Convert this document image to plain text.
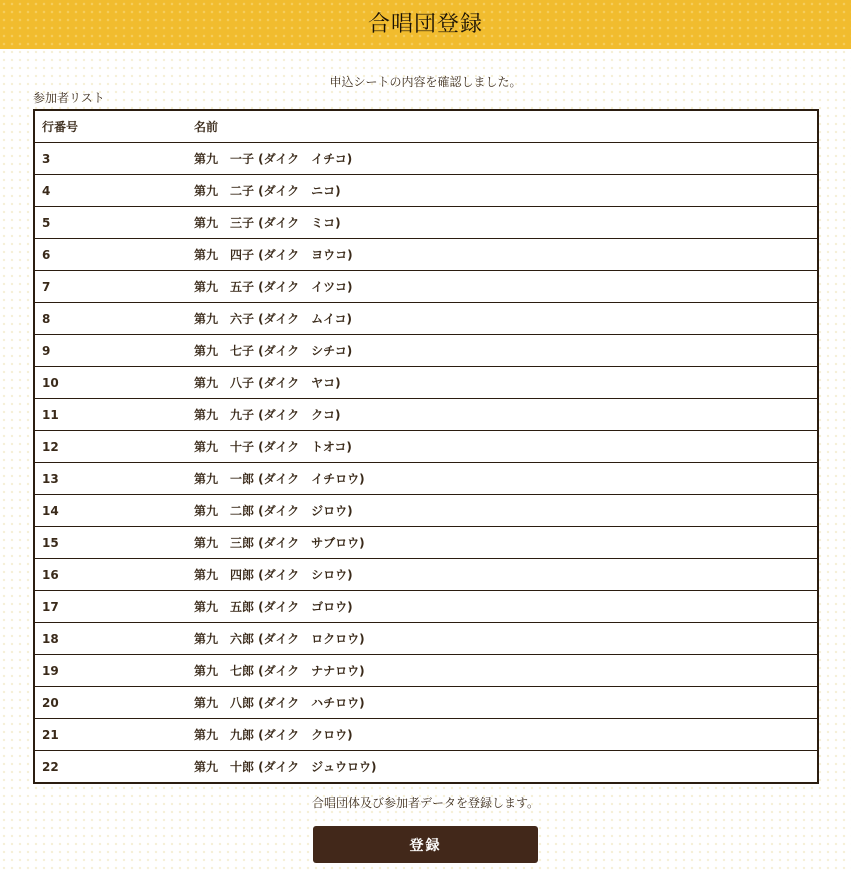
合唱団登録
申込シートの内容を確認しました。
参加者リスト
行番号	名前
3	第九　一子 (ダイク　イチコ)
4	第九　二子 (ダイク　ニコ)
5	第九　三子 (ダイク　ミコ)
6	第九　四子 (ダイク　ヨウコ)
7	第九　五子 (ダイク　イツコ)
8	第九　六子 (ダイク　ムイコ)
9	第九　七子 (ダイク　シチコ)
10	第九　八子 (ダイク　ヤコ)
11	第九　九子 (ダイク　クコ)
12	第九　十子 (ダイク　トオコ)
13	第九　一郎 (ダイク　イチロウ)
14	第九　二郎 (ダイク　ジロウ)
15	第九　三郎 (ダイク　サブロウ)
16	第九　四郎 (ダイク　シロウ)
17	第九　五郎 (ダイク　ゴロウ)
18	第九　六郎 (ダイク　ロクロウ)
19	第九　七郎 (ダイク　ナナロウ)
20	第九　八郎 (ダイク　ハチロウ)
21	第九　九郎 (ダイク　クロウ)
22	第九　十郎 (ダイク　ジュウロウ)
合唱団体及び参加者データを登録します。
登録
